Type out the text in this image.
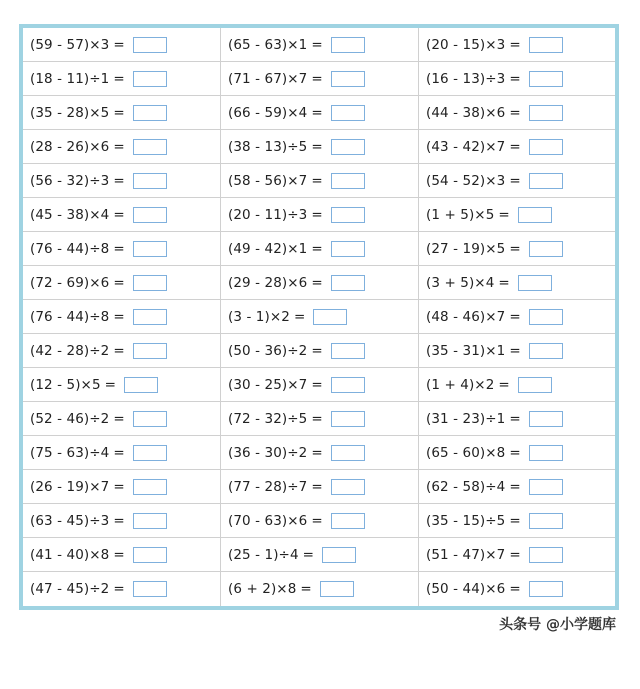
(59 - 57)×3 =	(65 - 63)×1 =	(20 - 15)×3 =
(18 - 11)÷1 =	(71 - 67)×7 =	(16 - 13)÷3 =
(35 - 28)×5 =	(66 - 59)×4 =	(44 - 38)×6 =
(28 - 26)×6 =	(38 - 13)÷5 =	(43 - 42)×7 =
(56 - 32)÷3 =	(58 - 56)×7 =	(54 - 52)×3 =
(45 - 38)×4 =	(20 - 11)÷3 =	(1 + 5)×5 =
(76 - 44)÷8 =	(49 - 42)×1 =	(27 - 19)×5 =
(72 - 69)×6 =	(29 - 28)×6 =	(3 + 5)×4 =
(76 - 44)÷8 =	(3 - 1)×2 =	(48 - 46)×7 =
(42 - 28)÷2 =	(50 - 36)÷2 =	(35 - 31)×1 =
(12 - 5)×5 =	(30 - 25)×7 =	(1 + 4)×2 =
(52 - 46)÷2 =	(72 - 32)÷5 =	(31 - 23)÷1 =
(75 - 63)÷4 =	(36 - 30)÷2 =	(65 - 60)×8 =
(26 - 19)×7 =	(77 - 28)÷7 =	(62 - 58)÷4 =
(63 - 45)÷3 =	(70 - 63)×6 =	(35 - 15)÷5 =
(41 - 40)×8 =	(25 - 1)÷4 =	(51 - 47)×7 =
(47 - 45)÷2 =	(6 + 2)×8 =	(50 - 44)×6 =
头条号 @小学题库
